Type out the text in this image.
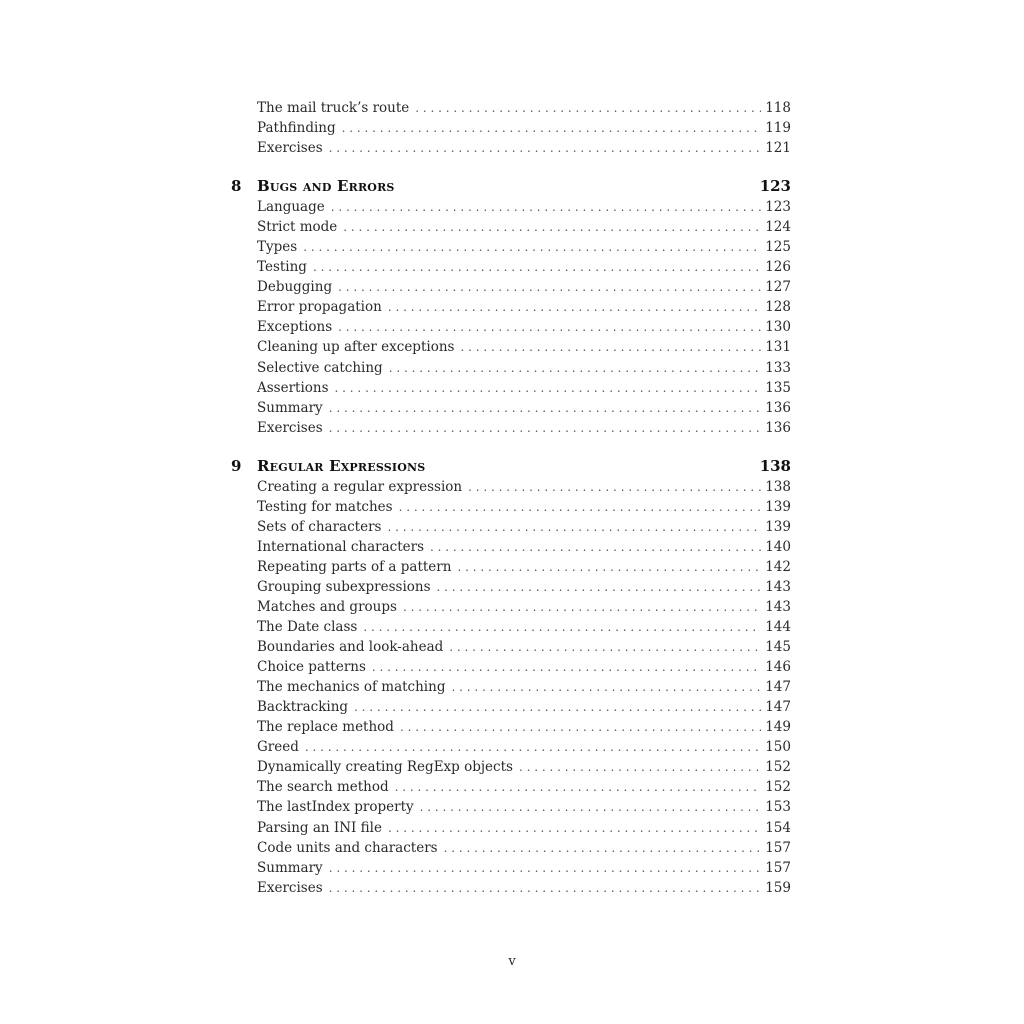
The mail truck’s route . . .	118
Pathfinding . . .	119
Exercises . . .	121
8	Bugs and Errors	123
Language . . .	123
Strict mode . . .	124
Types . . .	125
Testing . . .	126
Debugging . . .	127
Error propagation . . .	128
Exceptions . . .	130
Cleaning up after exceptions . . .	131
Selective catching . . .	133
Assertions . . .	135
Summary . . .	136
Exercises . . .	136
9	Regular Expressions	138
Creating a regular expression . . .	138
Testing for matches . . .	139
Sets of characters . . .	139
International characters . . .	140
Repeating parts of a pattern . . .	142
Grouping subexpressions . . .	143
Matches and groups . . .	143
The Date class . . .	144
Boundaries and look-ahead . . .	145
Choice patterns . . .	146
The mechanics of matching . . .	147
Backtracking . . .	147
The replace method . . .	149
Greed . . .	150
Dynamically creating RegExp objects . . .	152
The search method . . .	152
The lastIndex property . . .	153
Parsing an INI file . . .	154
Code units and characters . . .	157
Summary . . .	157
Exercises . . .	159
v
